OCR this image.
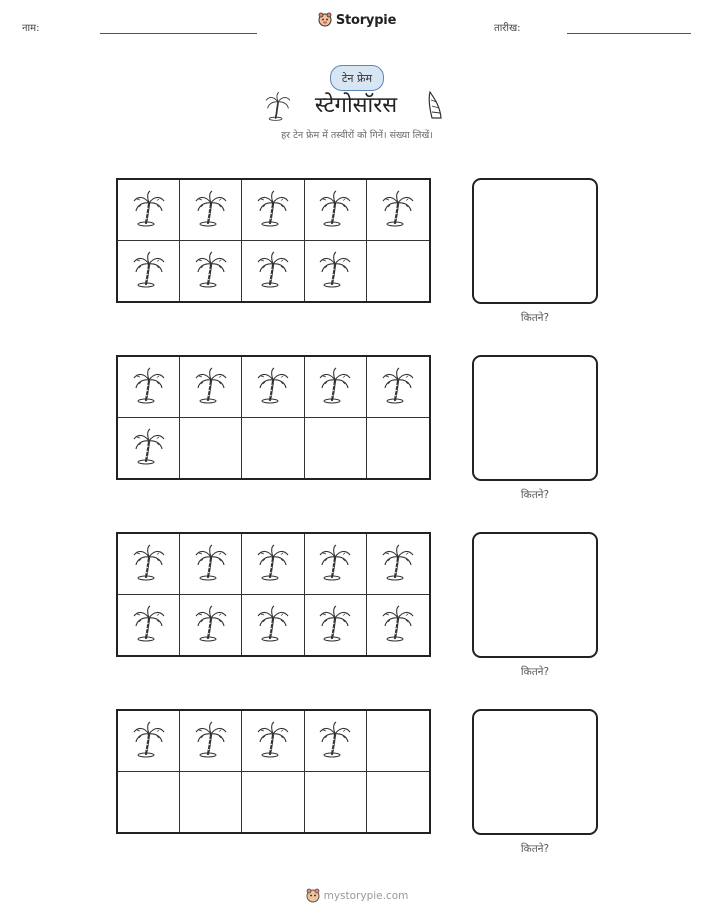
नाम:
Storypie
तारीख:
टेन फ्रेम
स्टेगोसॉरस
हर टेन फ्रेम में तस्वीरों को गिनें। संख्या लिखें।
कितने?
कितने?
कितने?
कितने?
mystorypie.com
